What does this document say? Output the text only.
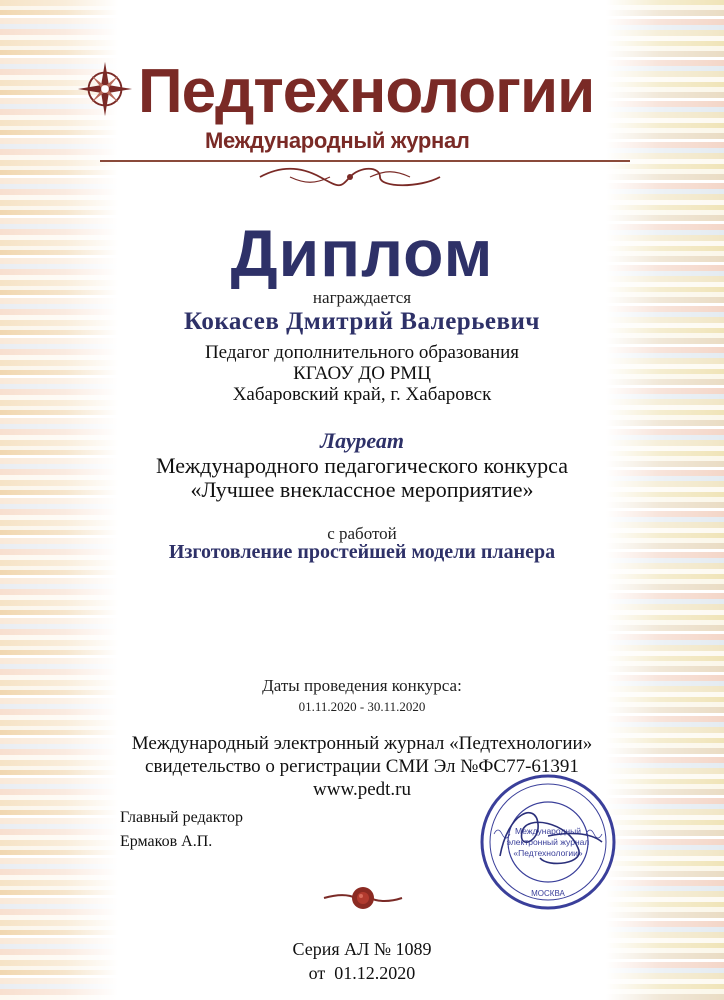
Педтехнологии
Международный журнал
Диплом
награждается
Кокасев Дмитрий Валерьевич
Педагог дополнительного образования
КГАОУ ДО РМЦ
Хабаровский край, г. Хабаровск
Лауреат
Международного педагогического конкурса
«Лучшее внеклассное мероприятие»
с работой
Изготовление простейшей модели планера
Даты проведения конкурса:
01.11.2020 - 30.11.2020
Международный электронный журнал «Педтехнологии»
свидетельство о регистрации СМИ Эл №ФС77-61391
www.pedt.ru
Главный редактор
Ермаков А.П.
Международный
электронный журнал
«Педтехнологии»
МОСКВА
Серия АЛ № 1089
от  01.12.2020
